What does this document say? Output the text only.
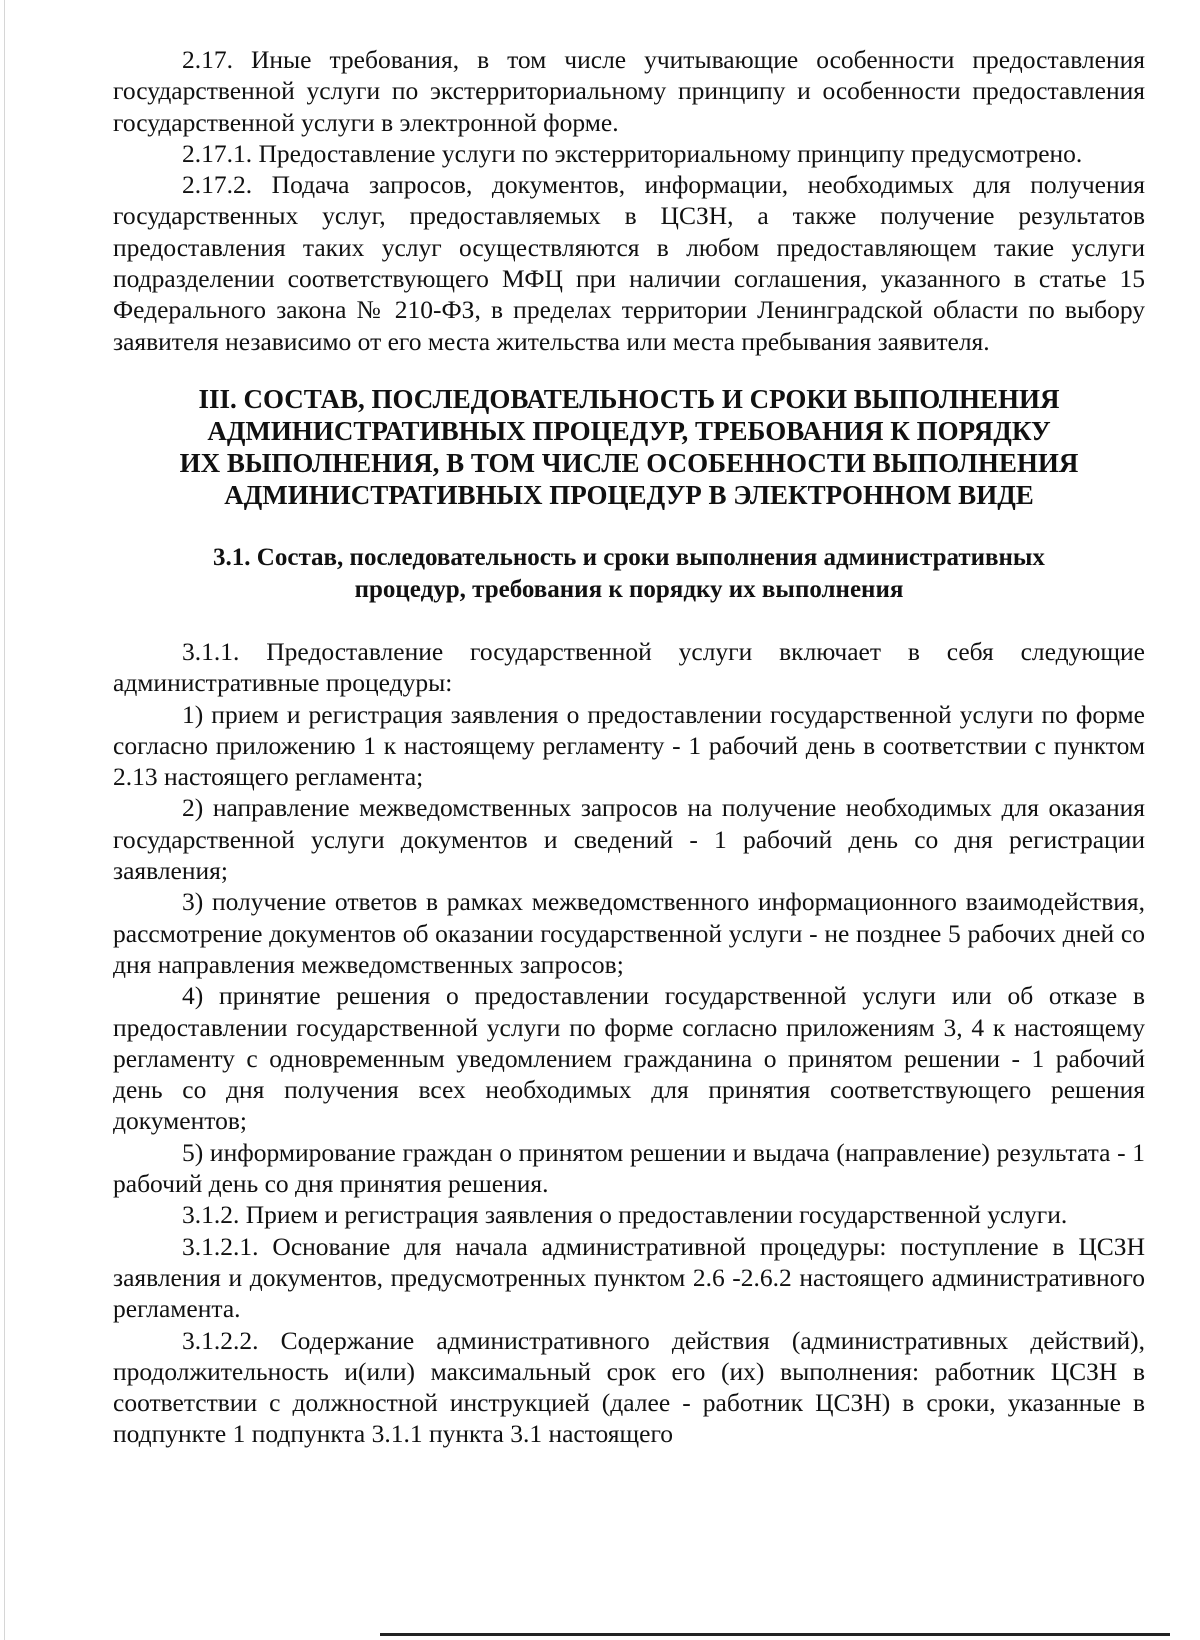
2.17. Иные требования, в том числе учитывающие особенности предоставления государственной услуги по экстерриториальному принципу и особенности предоставления государственной услуги в электронной форме.

2.17.1. Предоставление услуги по экстерриториальному принципу предусмотрено.

2.17.2. Подача запросов, документов, информации, необходимых для получения государственных услуг, предоставляемых в ЦСЗН, а также получение результатов предоставления таких услуг осуществляются в любом предоставляющем такие услуги подразделении соответствующего МФЦ при наличии соглашения, указанного в статье 15 Федерального закона № 210-ФЗ, в пределах территории Ленинградской области по выбору заявителя независимо от его места жительства или места пребывания заявителя.

III. СОСТАВ, ПОСЛЕДОВАТЕЛЬНОСТЬ И СРОКИ ВЫПОЛНЕНИЯ
АДМИНИСТРАТИВНЫХ ПРОЦЕДУР, ТРЕБОВАНИЯ К ПОРЯДКУ
ИХ ВЫПОЛНЕНИЯ, В ТОМ ЧИСЛЕ ОСОБЕННОСТИ ВЫПОЛНЕНИЯ
АДМИНИСТРАТИВНЫХ ПРОЦЕДУР В ЭЛЕКТРОННОМ ВИДЕ
3.1. Состав, последовательность и сроки выполнения административных
процедур, требования к порядку их выполнения

3.1.1. Предоставление государственной услуги включает в себя следующие административные процедуры:

1) прием и регистрация заявления о предоставлении государственной услуги по форме согласно приложению 1 к настоящему регламенту - 1 рабочий день в соответствии с пунктом 2.13 настоящего регламента;

2) направление межведомственных запросов на получение необходимых для оказания государственной услуги документов и сведений - 1 рабочий день со дня регистрации заявления;

3) получение ответов в рамках межведомственного информационного взаимодействия, рассмотрение документов об оказании государственной услуги - не позднее 5 рабочих дней со дня направления межведомственных запросов;

4) принятие решения о предоставлении государственной услуги или об отказе в предоставлении государственной услуги по форме согласно приложениям 3, 4 к настоящему регламенту с одновременным уведомлением гражданина о принятом решении - 1 рабочий день со дня получения всех необходимых для принятия соответствующего решения документов;

5) информирование граждан о принятом решении и выдача (направление) результата - 1 рабочий день со дня принятия решения.

3.1.2. Прием и регистрация заявления о предоставлении государственной услуги.

3.1.2.1. Основание для начала административной процедуры: поступление в ЦСЗН заявления и документов, предусмотренных пунктом 2.6 -2.6.2 настоящего административного регламента.

3.1.2.2. Содержание административного действия (административных действий), продолжительность и(или) максимальный срок его (их) выполнения: работник ЦСЗН в соответствии с должностной инструкцией (далее - работник ЦСЗН) в сроки, указанные в подпункте 1 подпункта 3.1.1 пункта 3.1 настоящего
